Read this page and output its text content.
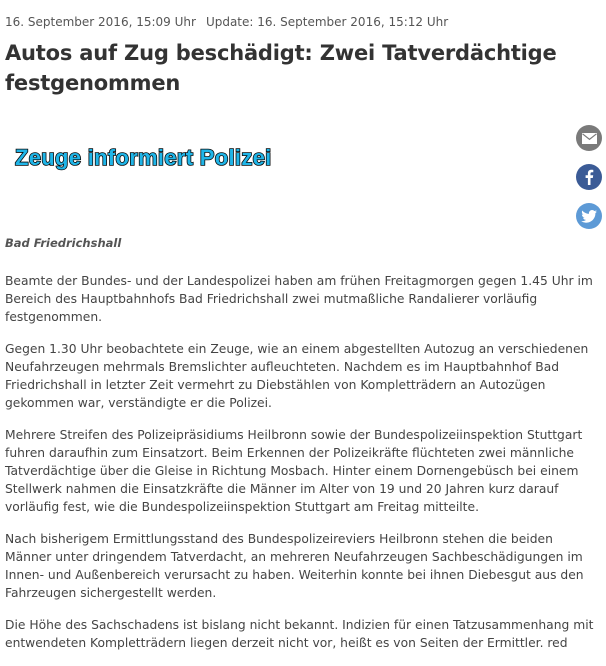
16. September 2016, 15:09 Uhr Update: 16. September 2016, 15:12 Uhr
Autos auf Zug beschädigt: Zwei Tatverdächtige festgenommen
Zeuge informiert Polizei
Bad Friedrichshall

Beamte der Bundes- und der Landespolizei haben am frühen Freitagmorgen gegen 1.45 Uhr im Bereich des Hauptbahnhofs Bad Friedrichshall zwei mutmaßliche Randalierer vorläufig festgenommen.

Gegen 1.30 Uhr beobachtete ein Zeuge, wie an einem abgestellten Autozug an verschiedenen Neufahrzeugen mehrmals Bremslichter aufleuchteten. Nachdem es im Hauptbahnhof Bad Friedrichshall in letzter Zeit vermehrt zu Diebstählen von Kompletträdern an Autozügen gekommen war, verständigte er die Polizei.

Mehrere Streifen des Polizeipräsidiums Heilbronn sowie der Bundespolizeiinspektion Stuttgart fuhren daraufhin zum Einsatzort. Beim Erkennen der Polizeikräfte flüchteten zwei männliche Tatverdächtige über die Gleise in Richtung Mosbach. Hinter einem Dornengebüsch bei einem Stellwerk nahmen die Einsatzkräfte die Männer im Alter von 19 und 20 Jahren kurz darauf vorläufig fest, wie die Bundespolizeiinspektion Stuttgart am Freitag mitteilte.

Nach bisherigem Ermittlungsstand des Bundespolizeireviers Heilbronn stehen die beiden Männer unter dringendem Tatverdacht, an mehreren Neufahrzeugen Sachbeschädigungen im Innen- und Außenbereich verursacht zu haben. Weiterhin konnte bei ihnen Diebesgut aus den Fahrzeugen sichergestellt werden.

Die Höhe des Sachschadens ist bislang nicht bekannt. Indizien für einen Tatzusammenhang mit entwendeten Kompletträdern liegen derzeit nicht vor, heißt es von Seiten der Ermittler. red
